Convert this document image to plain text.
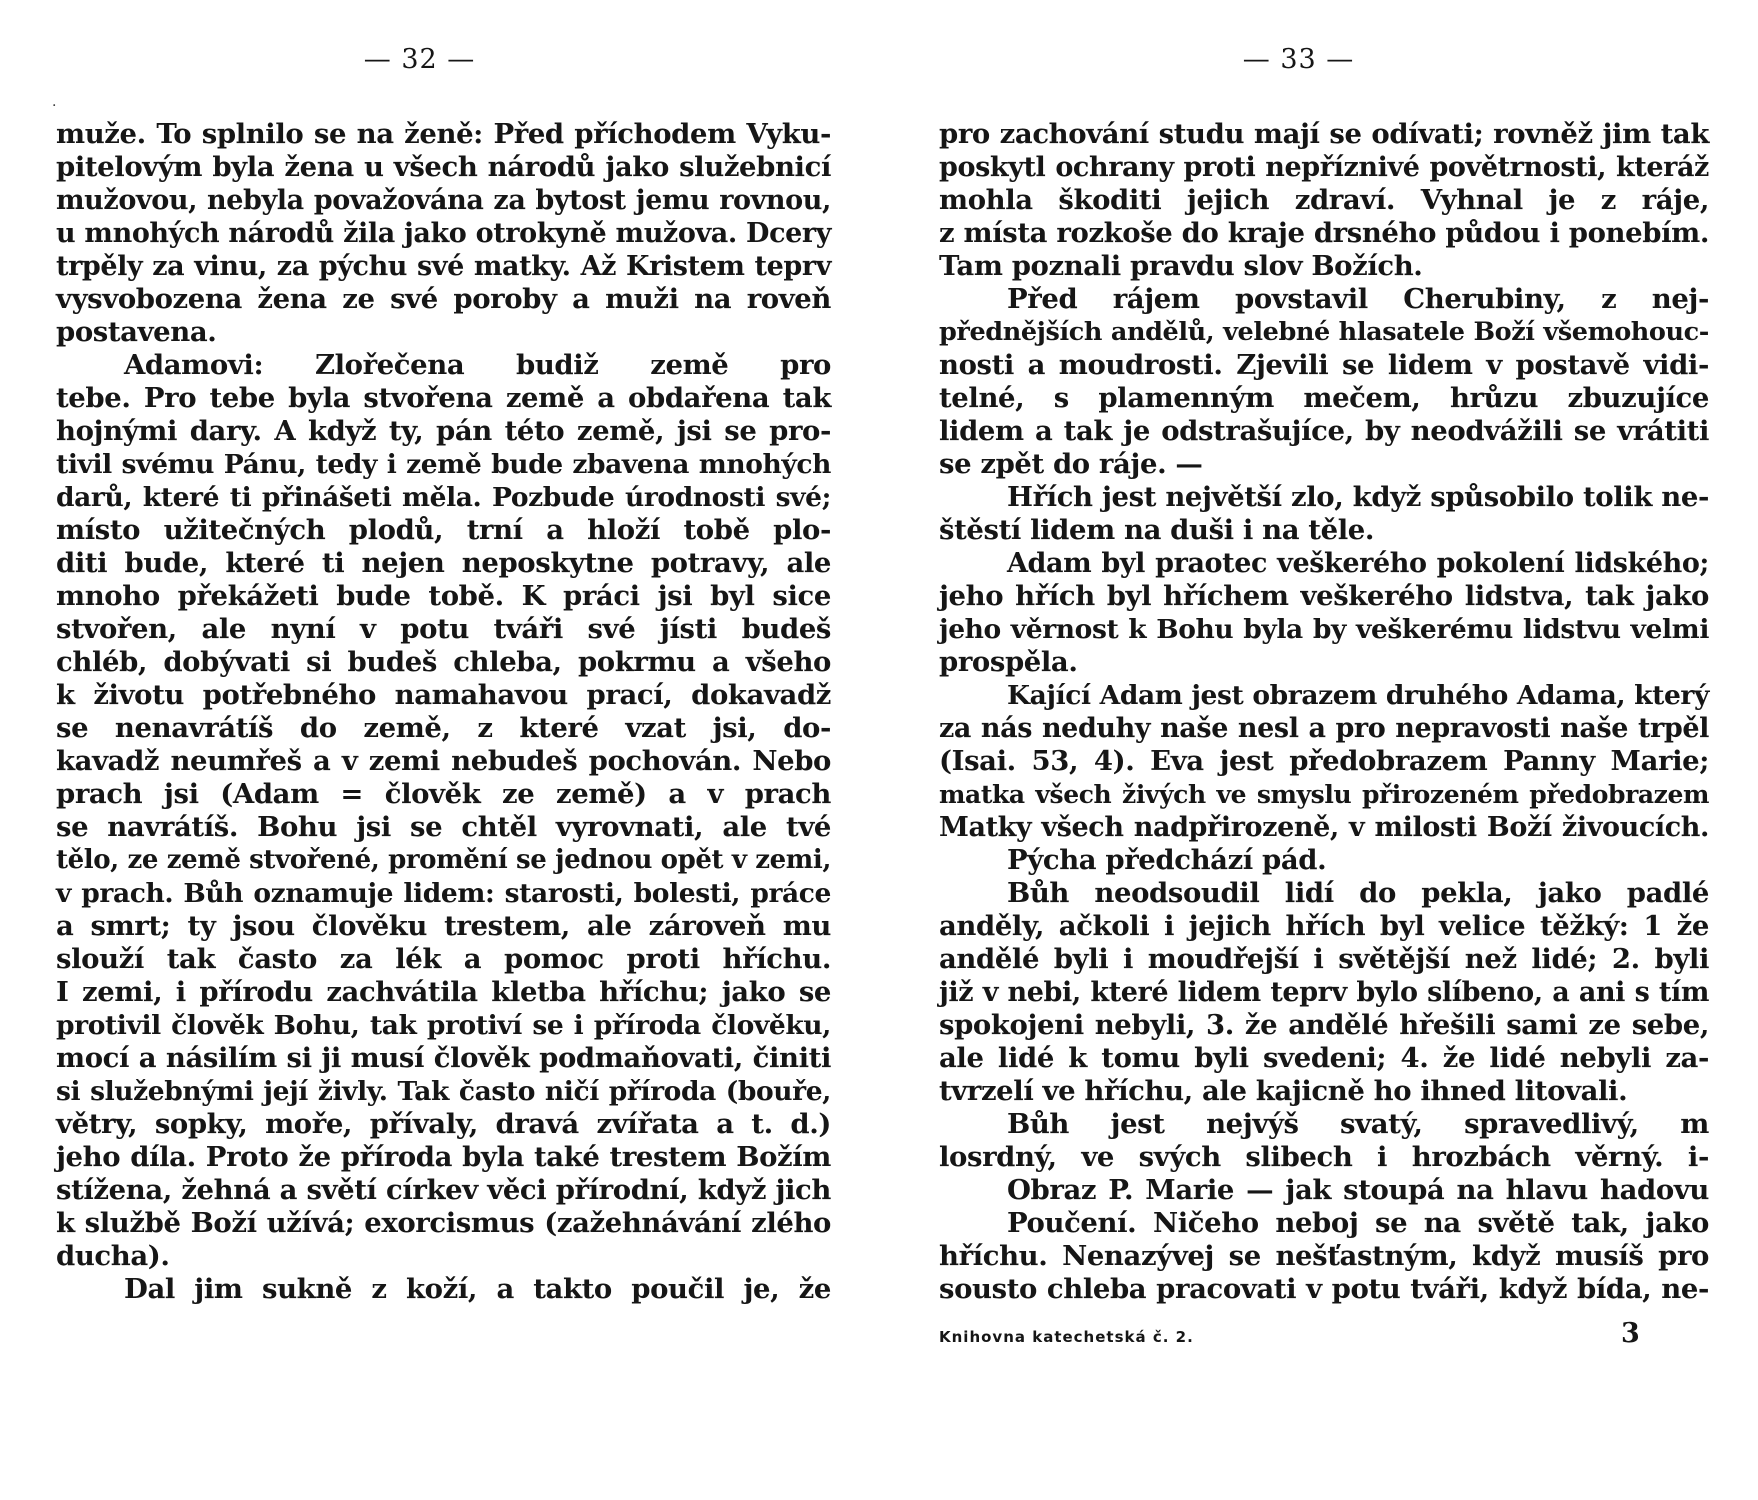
·
— 32 —
muže. To splnilo se na ženě: Před příchodem Vyku-
pitelovým byla žena u všech národů jako služebnicí
mužovou, nebyla považována za bytost jemu rovnou,
u mnohých národů žila jako otrokyně mužova. Dcery
trpěly za vinu, za pýchu své matky. Až Kristem teprv
vysvobozena žena ze své poroby a muži na roveň
postavena.
Adamovi: Zlořečena budiž země pro
tebe. Pro tebe byla stvořena země a obdařena tak
hojnými dary. A když ty, pán této země, jsi se pro-
tivil svému Pánu, tedy i země bude zbavena mnohých
darů, které ti přinášeti měla. Pozbude úrodnosti své;
místo užitečných plodů, trní a hloží tobě plo-
diti bude, které ti nejen neposkytne potravy, ale
mnoho překážeti bude tobě. K práci jsi byl sice
stvořen, ale nyní v potu tváři své jísti budeš
chléb, dobývati si budeš chleba, pokrmu a všeho
k životu potřebného namahavou prací, dokavadž
se nenavrátíš do země, z které vzat jsi, do-
kavadž neumřeš a v zemi nebudeš pochován. Nebo
prach jsi (Adam = člověk ze země) a v prach
se navrátíš. Bohu jsi se chtěl vyrovnati, ale tvé
tělo, ze země stvořené, promění se jednou opět v zemi,
v prach. Bůh oznamuje lidem: starosti, bolesti, práce
a smrt; ty jsou člověku trestem, ale zároveň mu
slouží tak často za lék a pomoc proti hříchu.
I zemi, i přírodu zachvátila kletba hříchu; jako se
protivil člověk Bohu, tak protiví se i příroda člověku,
mocí a násilím si ji musí člověk podmaňovati, činiti
si služebnými její živly. Tak často ničí příroda (bouře,
větry, sopky, moře, přívaly, dravá zvířata a t. d.)
jeho díla. Proto že příroda byla také trestem Božím
stížena, žehná a světí církev věci přírodní, když jich
k službě Boží užívá; exorcismus (zažehnávání zlého
ducha).
Dal jim sukně z koží, a takto poučil je, že
— 33 —
pro zachování studu mají se odívati; rovněž jim tak
poskytl ochrany proti nepříznivé povětrnosti, kteráž
mohla škoditi jejich zdraví. Vyhnal je z ráje,
z místa rozkoše do kraje drsného půdou i ponebím.
Tam poznali pravdu slov Božích.
Před rájem povstavil Cherubiny, z nej-
přednějších andělů, velebné hlasatele Boží všemohouc-
nosti a moudrosti. Zjevili se lidem v postavě vidi-
telné, s plamenným mečem, hrůzu zbuzujíce
lidem a tak je odstrašujíce, by neodvážili se vrátiti
se zpět do ráje. —
Hřích jest největší zlo, když spůsobilo tolik ne-
štěstí lidem na duši i na těle.
Adam byl praotec veškerého pokolení lidského;
jeho hřích byl hříchem veškerého lidstva, tak jako
jeho věrnost k Bohu byla by veškerému lidstvu velmi
prospěla.
Kající Adam jest obrazem druhého Adama, který
za nás neduhy naše nesl a pro nepravosti naše trpěl
(Isai. 53, 4). Eva jest předobrazem Panny Marie;
matka všech živých ve smyslu přirozeném předobrazem
Matky všech nadpřirozeně, v milosti Boží živoucích.
Pýcha předchází pád.
Bůh neodsoudil lidí do pekla, jako padlé
anděly, ačkoli i jejich hřích byl velice těžký: 1 že
andělé byli i moudřejší i světější než lidé; 2. byli
již v nebi, které lidem teprv bylo slíbeno, a ani s tím
spokojeni nebyli, 3. že andělé hřešili sami ze sebe,
ale lidé k tomu byli svedeni; 4. že lidé nebyli za-
tvrzelí ve hříchu, ale kajicně ho ihned litovali.
Bůh jest nejvýš svatý, spravedlivý, m
losrdný, ve svých slibech i hrozbách věrný. i-
Obraz P. Marie — jak stoupá na hlavu hadovu
Poučení. Ničeho neboj se na světě tak, jako
hříchu. Nenazývej se nešťastným, když musíš pro
sousto chleba pracovati v potu tváři, když bída, ne-
Knihovna katechetská č. 2.	3
